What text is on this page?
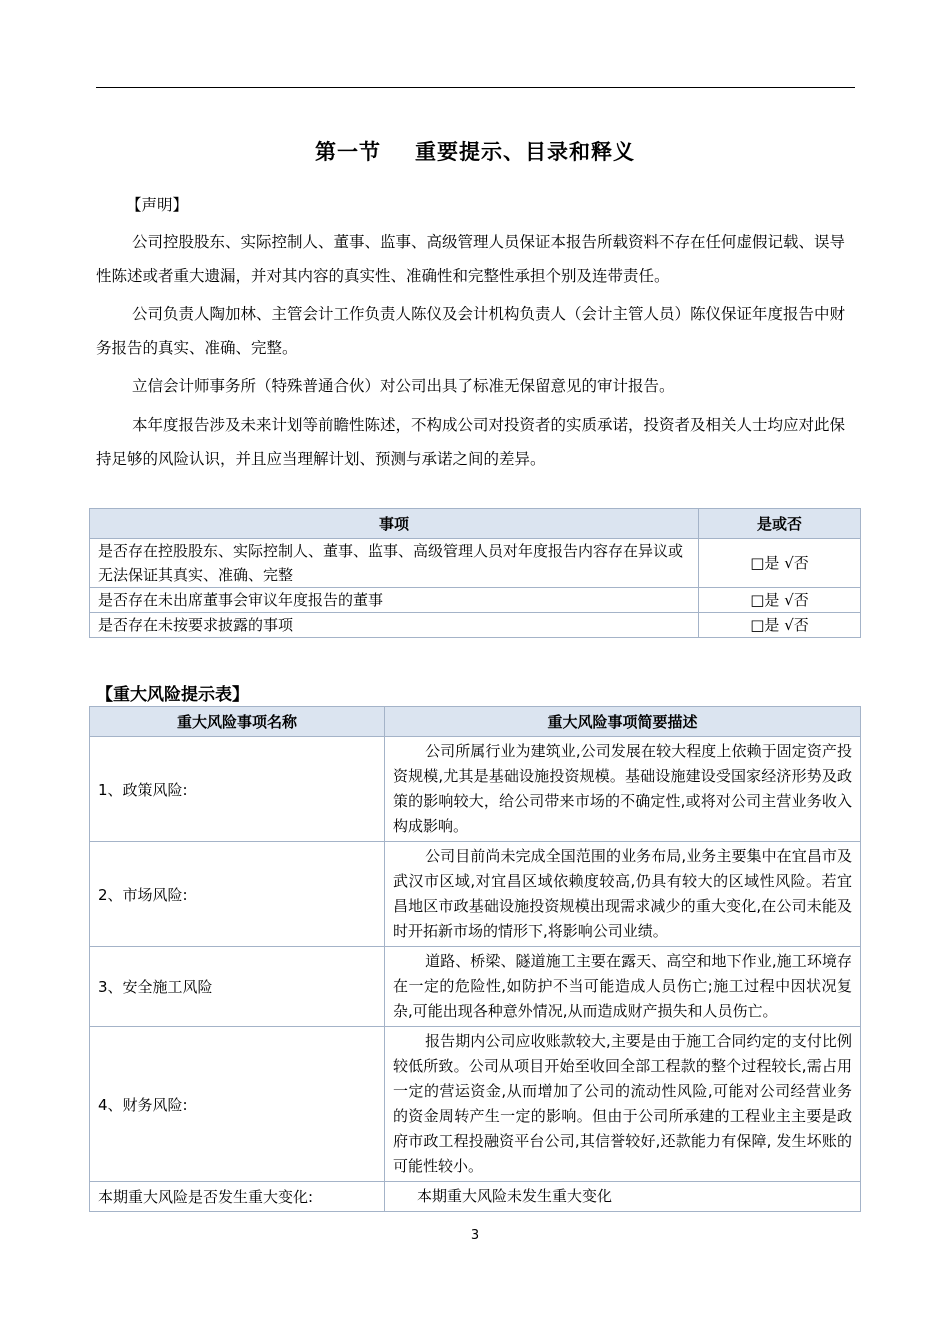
第一节 重要提示、目录和释义
【声明】
公司控股股东、实际控制人、董事、监事、高级管理人员保证本报告所载资料不存在任何虚假记载、误导性陈述或者重大遗漏，并对其内容的真实性、准确性和完整性承担个别及连带责任。
公司负责人陶加林、主管会计工作负责人陈仪及会计机构负责人（会计主管人员）陈仪保证年度报告中财务报告的真实、准确、完整。
立信会计师事务所（特殊普通合伙）对公司出具了标准无保留意见的审计报告。
本年度报告涉及未来计划等前瞻性陈述，不构成公司对投资者的实质承诺，投资者及相关人士均应对此保持足够的风险认识，并且应当理解计划、预测与承诺之间的差异。
事项	是或否
是否存在控股股东、实际控制人、董事、监事、高级管理人员对年度报告内容存在异议或无法保证其真实、准确、完整	□是 √否
是否存在未出席董事会审议年度报告的董事	□是 √否
是否存在未按要求披露的事项	□是 √否
【重大风险提示表】
重大风险事项名称	重大风险事项简要描述
1、政策风险:	公司所属行业为建筑业,公司发展在较大程度上依赖于固定资产投资规模,尤其是基础设施投资规模。基础设施建设受国家经济形势及政策的影响较大，给公司带来市场的不确定性,或将对公司主营业务收入构成影响。
2、市场风险:	公司目前尚未完成全国范围的业务布局,业务主要集中在宜昌市及武汉市区域,对宜昌区域依赖度较高,仍具有较大的区域性风险。若宜昌地区市政基础设施投资规模出现需求减少的重大变化,在公司未能及时开拓新市场的情形下,将影响公司业绩。
3、安全施工风险	道路、桥梁、隧道施工主要在露天、高空和地下作业,施工环境存在一定的危险性,如防护不当可能造成人员伤亡;施工过程中因状况复杂,可能出现各种意外情况,从而造成财产损失和人员伤亡。
4、财务风险:	报告期内公司应收账款较大,主要是由于施工合同约定的支付比例较低所致。公司从项目开始至收回全部工程款的整个过程较长,需占用一定的营运资金,从而增加了公司的流动性风险,可能对公司经营业务的资金周转产生一定的影响。但由于公司所承建的工程业主主要是政府市政工程投融资平台公司,其信誉较好,还款能力有保障, 发生坏账的可能性较小。
本期重大风险是否发生重大变化:	本期重大风险未发生重大变化
3
